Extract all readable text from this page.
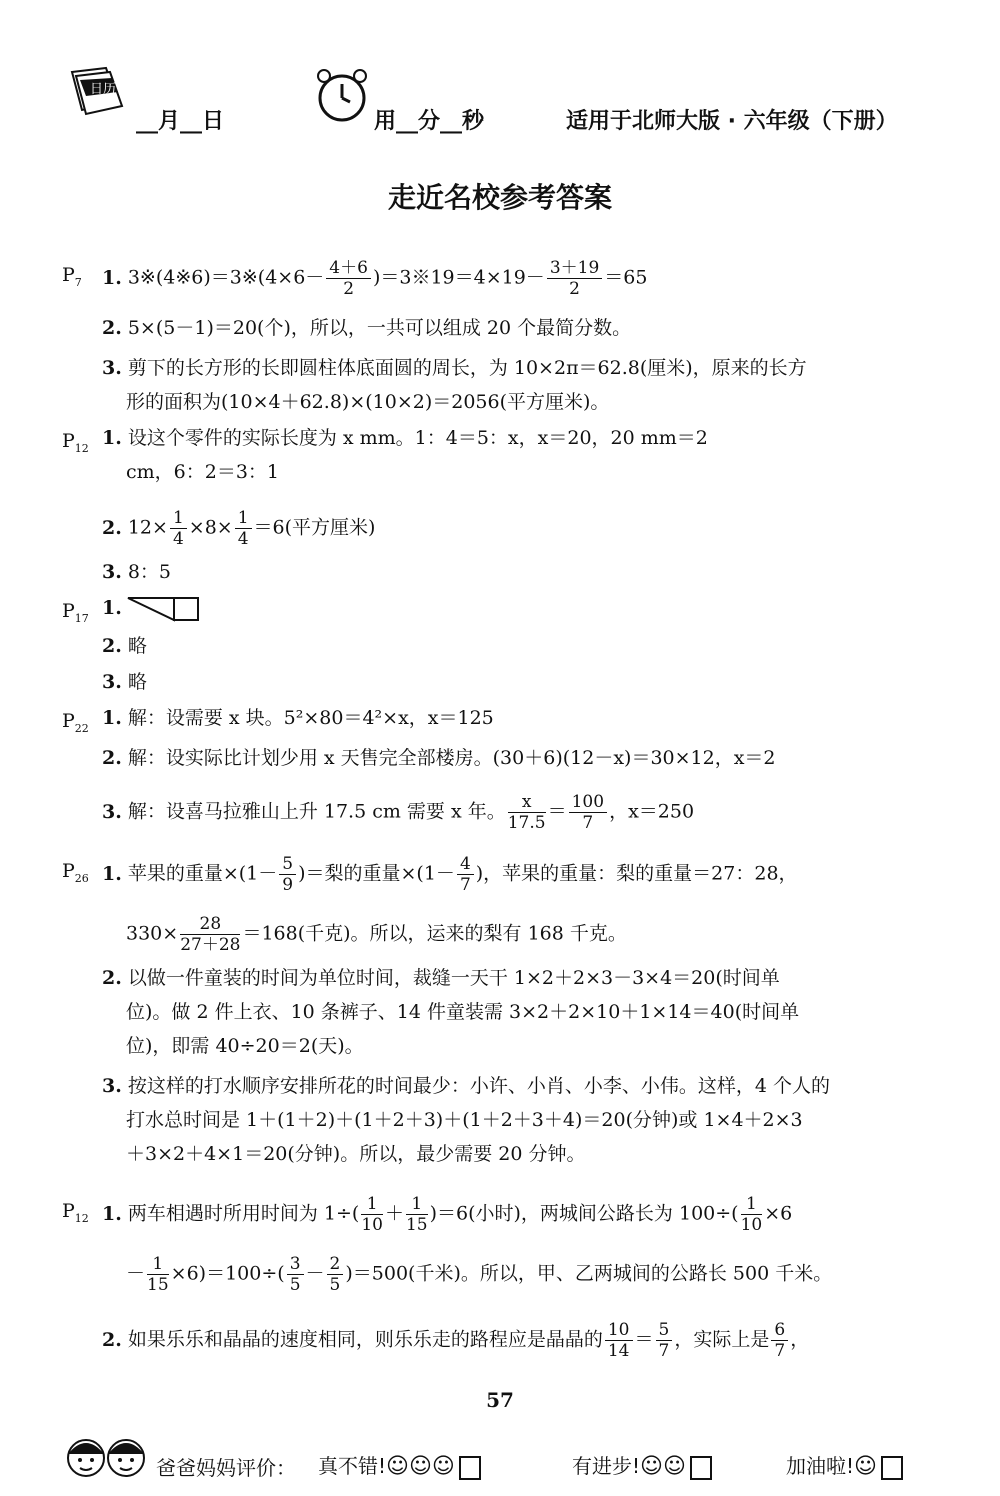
日历
__月__日	用__分__秒	适用于北师大版 · 六年级（下册）
走近名校参考答案
$P_7$ 1. 3※(4※6)＝3※(4×6－ $\frac{4+6}{2}$ )＝3※19＝4×19－ $\frac{3+19}{2} =65$
2. 5×(5－1)＝20(个)，所以，一共可以组成 20 个最简分数。
3. 剪下的长方形的长即圆柱体底面圆的周长，为 10×2π＝62.8(厘米)，原来的长方
形的面积为(10×4＋62.8)×(10×2)＝2056(平方厘米)。
$P_{12}$ 1. 设这个零件的实际长度为 x mm。1：4＝5：x，x＝20，20 mm＝2
cm，6：2＝3：1
2. $12\times \frac{1}{4} \times 8\times \frac{1}{4} =6$(平方厘米)
3. 8：5
$P_{17}$ 1.
2. 略
3. 略
$P_{22}$ 1. 解：设需要 x 块。5²×80＝4²×x，x＝125
2. 解：设实际比计划少用 x 天售完全部楼房。(30＋6)(12－x)＝30×12，x＝2
3. 解：设喜马拉雅山上升 17.5 cm 需要 x 年。 $\frac{x}{17.5} = \frac{100}{7}$ ，x＝250
$P_{26}$ 1. 苹果的重量$\times(1- \frac{5}{9}$ )＝梨的重量$\times(1- \frac{4}{7}$ )，苹果的重量：梨的重量＝27：28，
$330\times \frac{28}{27+28} =168$(千克)。所以，运来的梨有 168 千克。
2. 以做一件童装的时间为单位时间，裁缝一天干 1×2＋2×3－3×4＝20(时间单
位)。做 2 件上衣、10 条裤子、14 件童装需 3×2＋2×10＋1×14＝40(时间单
位)，即需 40÷20＝2(天)。
3. 按这样的打水顺序安排所花的时间最少：小许、小肖、小李、小伟。这样，4 个人的
打水总时间是 1＋(1＋2)＋(1＋2＋3)＋(1＋2＋3＋4)＝20(分钟)或 1×4＋2×3
＋3×2＋4×1＝20(分钟)。所以，最少需要 20 分钟。
$P_{12}$ 1. 两车相遇时所用时间为 $1\div( \frac{1}{10} + \frac{1}{15} )=6$(小时)，两城间公路长为 $100\div( \frac{1}{10} \times 6$
－ $\frac{1}{15} \times 6)=100\div( \frac{3}{5} - \frac{2}{5} )=500$(千米)。所以，甲、乙两城间的公路长 500 千米。
2. 如果乐乐和晶晶的速度相同，则乐乐走的路程应是晶晶的 $\frac{10}{14} = \frac{5}{7}$ ，实际上是 $\frac{6}{7}$ ，
57
爸爸妈妈评价： 真不错!☺☺☺	有进步!☺☺	加油啦!☺
